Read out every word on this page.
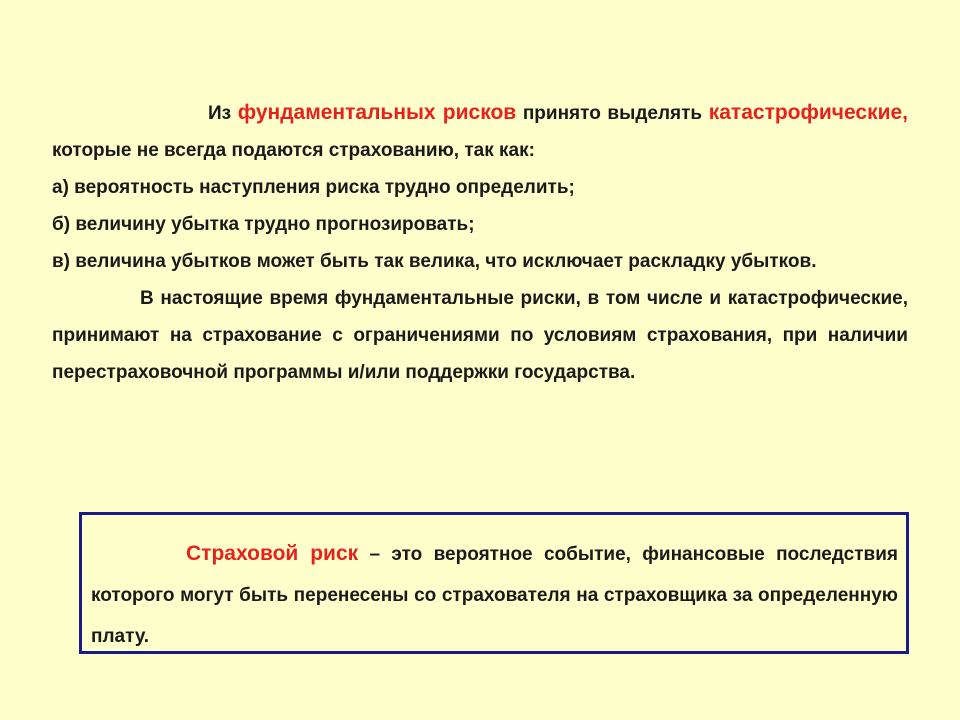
Из фундаментальных рисков принято выделять катастрофические, которые не всегда подаются страхованию, так как:

а) вероятность наступления риска трудно определить;

б) величину убытка трудно прогнозировать;

в) величина убытков может быть так велика, что исключает раскладку убытков.

В настоящие время фундаментальные риски, в том числе и катастрофические, принимают на страхование с ограничениями по условиям страхования, при наличии перестраховочной программы и/или поддержки государства.

Страховой риск – это вероятное событие, финансовые последствия которого могут быть перенесены со страхователя на страховщика за определенную плату.
